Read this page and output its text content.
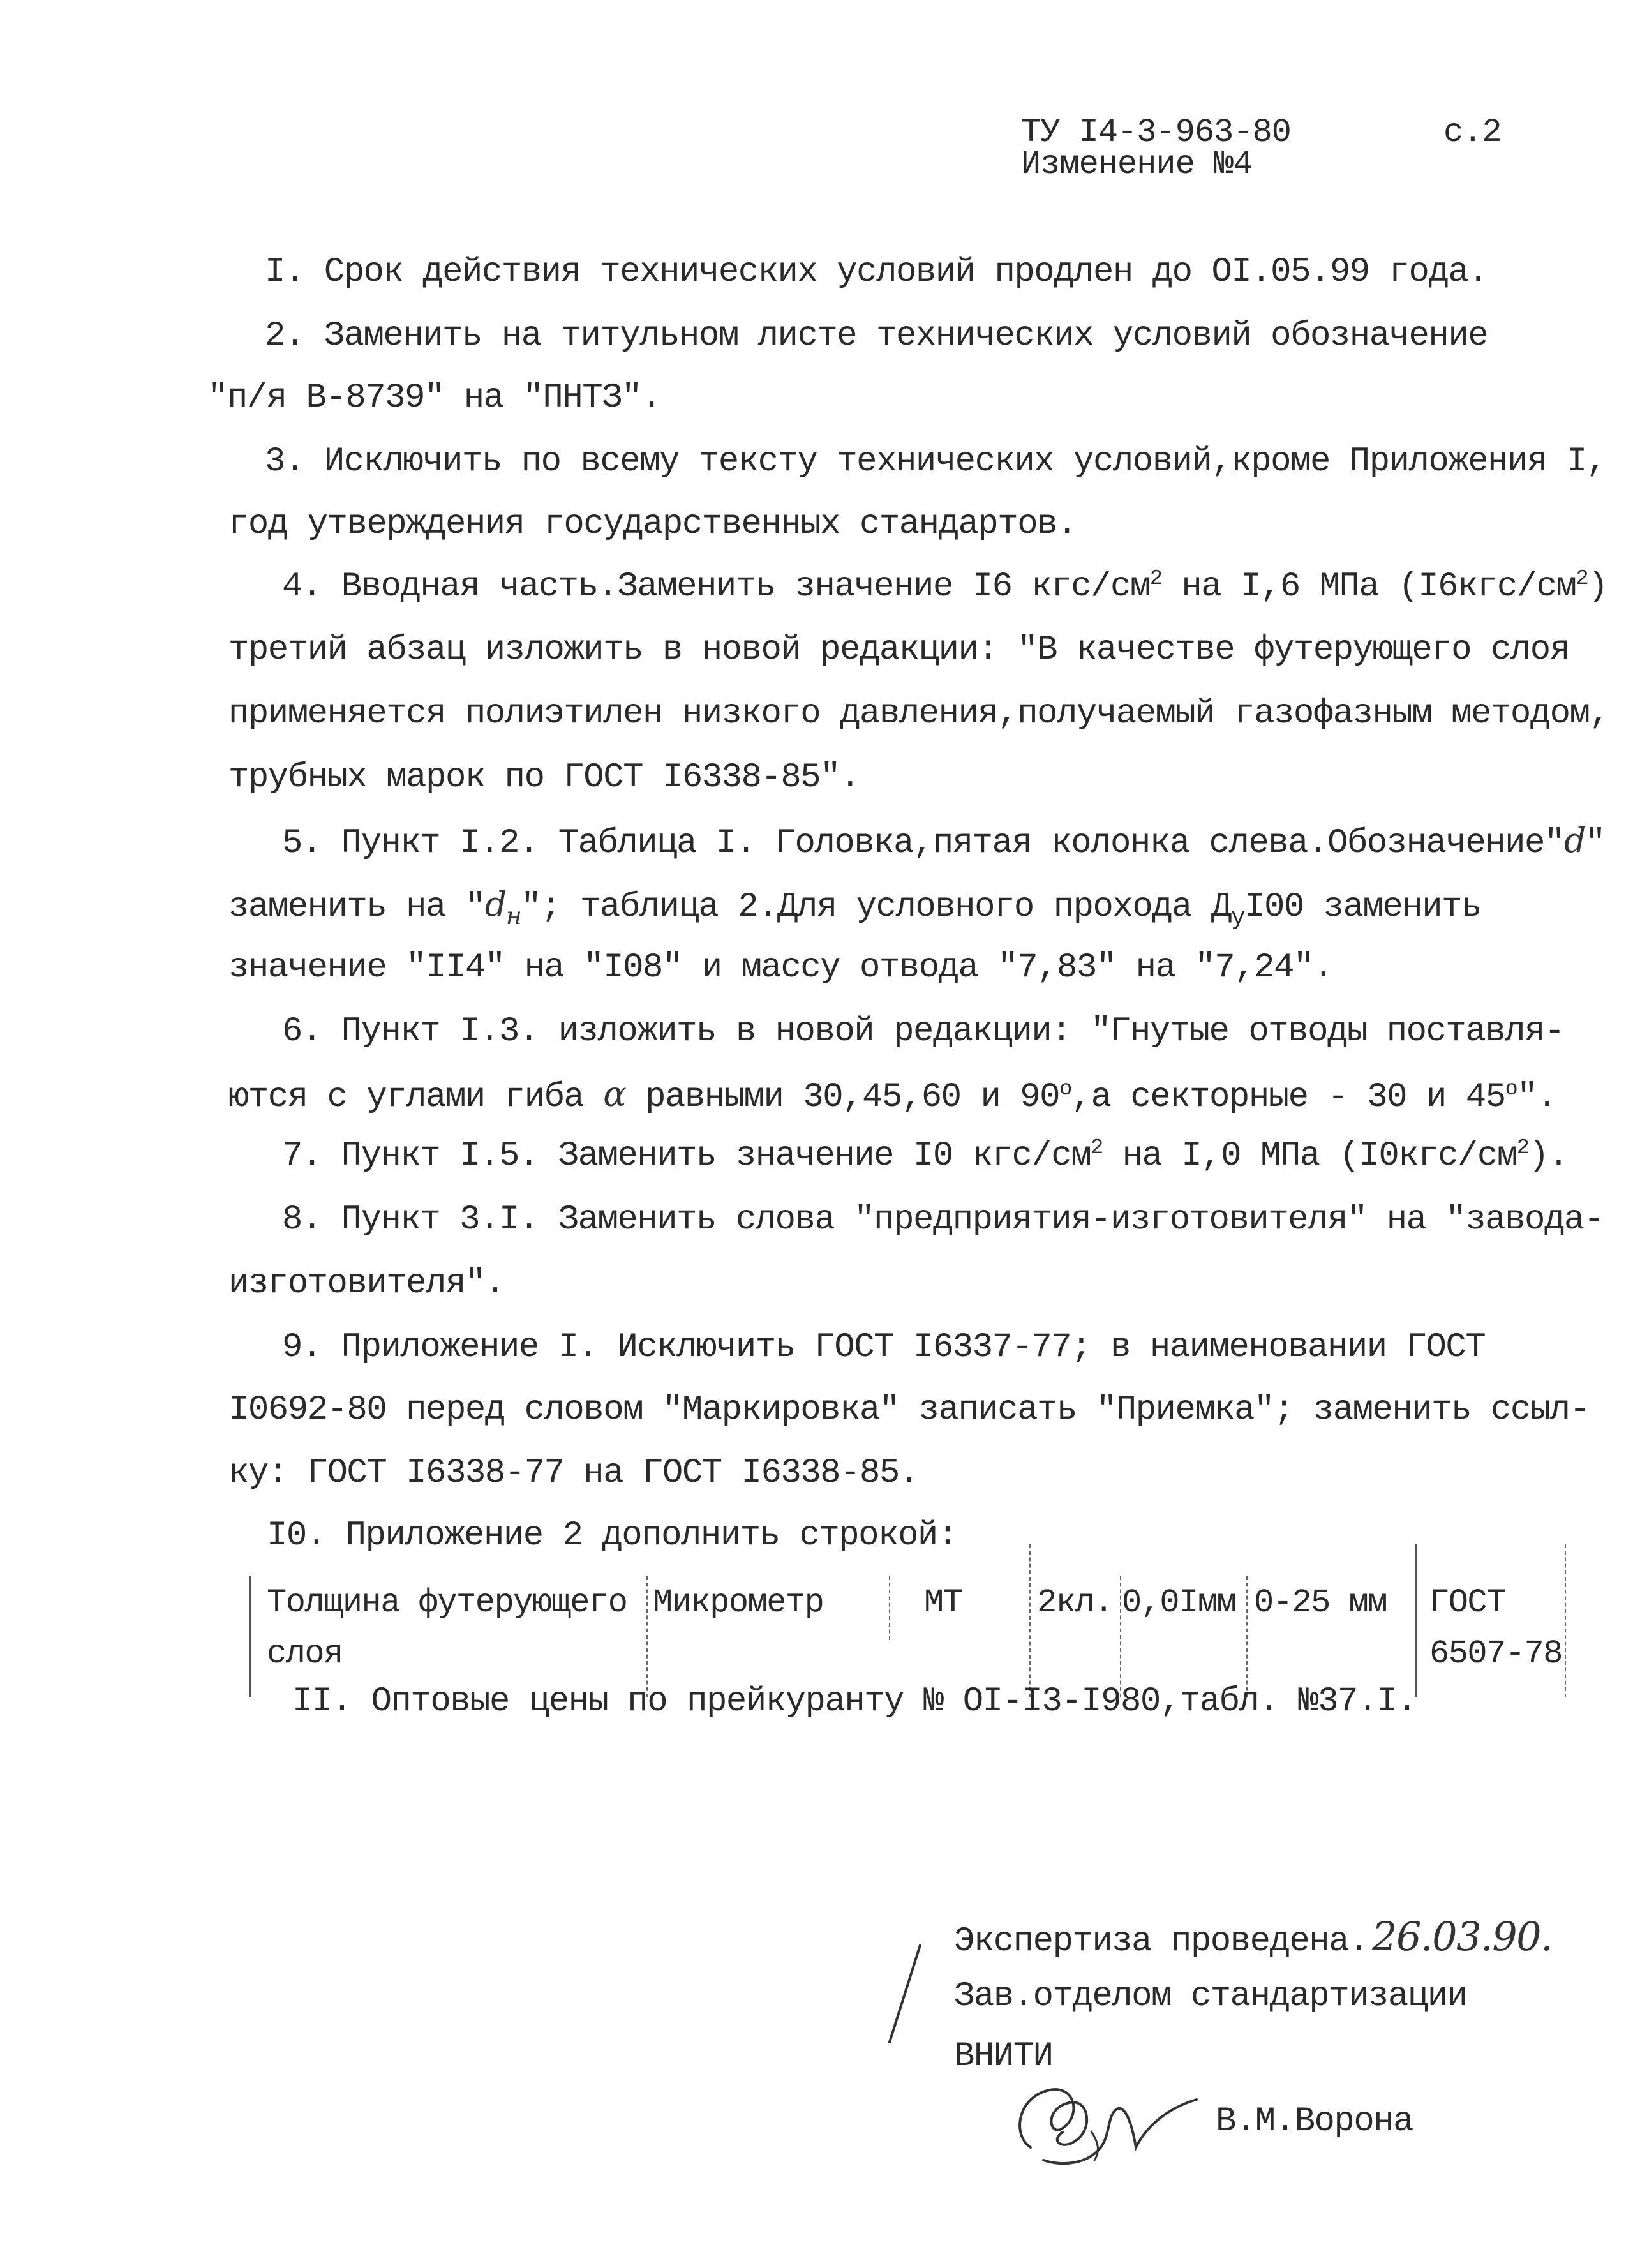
ТУ I4-3-963-80
Изменение №4
с.2
I. Срок действия технических условий продлен до OI.05.99 года.
2. Заменить на титульном листе технических условий обозначение
"п/я В-8739" на "ПНТЗ".
3. Исключить по всему тексту технических условий,кроме Приложения I,
год утверждения государственных стандартов.
4. Вводная часть.Заменить значение I6 кгс/$см^2$ на I,6 МПа $(I6кгс/см^2)$
третий абзац изложить в новой редакции: "В качестве футерующего слоя
применяется полиэтилен низкого давления,получаемый газофазным методом,
трубных марок по ГОСТ I6338-85".
5. Пункт I.2. Таблица I. Головка,пятая колонка слева.Обозначение"d"
заменить на "$d_н$"; таблица 2.Для условного прохода $Д_уI00$ заменить
значение "II4" на "I08" и массу отвода "7,83" на "7,24".
6. Пункт I.3. изложить в новой редакции: "Гнутые отводы поставля-
ются с углами гиба α равными 30,45,60 и $90^о,а$ секторные - 30 и $45^о$".
7. Пункт I.5. Заменить значение I0 кгс/$см^2$ на I,0 МПа $(I0кгс/см^2)$.
8. Пункт 3.I. Заменить слова "предприятия-изготовителя" на "завода-
изготовителя".
9. Приложение I. Исключить ГОСТ I6337-77; в наименовании ГОСТ
I0692-80 перед словом "Маркировка" записать "Приемка"; заменить ссыл-
ку: ГОСТ I6338-77 на ГОСТ I6338-85.
I0. Приложение 2 дополнить строкой:
Толщина футерующего
слоя
Микрометр	МТ 2кл. 0,0Iмм 0-25 мм ГОСТ
6507-78
II. Оптовые цены по прейкуранту № OI-I3-I980,табл. №37.I.
Экспертиза проведена.26.03.90.
Зав.отделом стандартизации
ВНИТИ
В.М.Ворона
